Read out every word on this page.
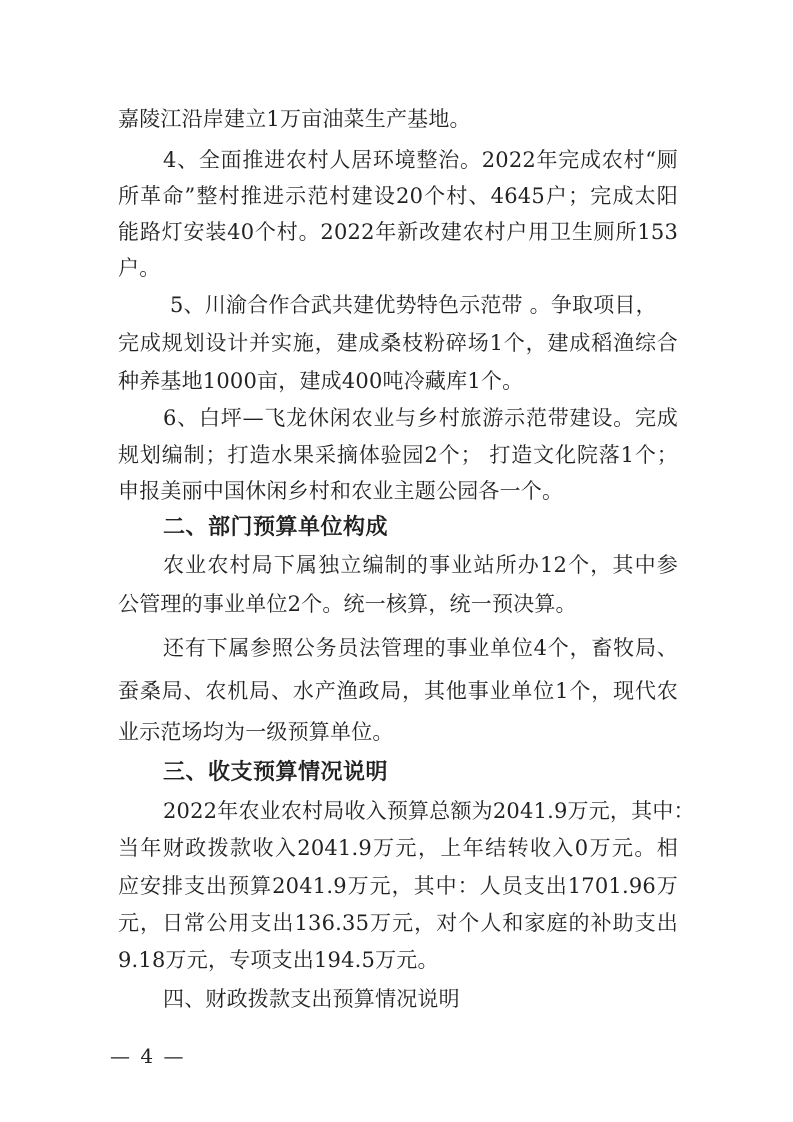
嘉陵江沿岸建立1万亩油菜生产基地。
4、全面推进农村人居环境整治。2022年完成农村“厕
所革命”整村推进示范村建设20个村、4645户；完成太阳
能路灯安装40个村。2022年新改建农村户用卫生厕所153
户。
5、川渝合作合武共建优势特色示范带 。争取项目，
完成规划设计并实施，建成桑枝粉碎场1个，建成稻渔综合
种养基地1000亩，建成400吨冷藏库1个。
6、白坪—飞龙休闲农业与乡村旅游示范带建设。完成
规划编制；打造水果采摘体验园2个； 打造文化院落1个；
申报美丽中国休闲乡村和农业主题公园各一个。
二、部门预算单位构成
农业农村局下属独立编制的事业站所办12个，其中参
公管理的事业单位2个。统一核算，统一预决算。
还有下属参照公务员法管理的事业单位4个，畜牧局、
蚕桑局、农机局、水产渔政局，其他事业单位1个，现代农
业示范场均为一级预算单位。
三、收支预算情况说明
2022年农业农村局收入预算总额为2041.9万元，其中：
当年财政拨款收入2041.9万元，上年结转收入0万元。相
应安排支出预算2041.9万元，其中：人员支出1701.96万
元，日常公用支出136.35万元，对个人和家庭的补助支出
9.18万元，专项支出194.5万元。
四、财政拨款支出预算情况说明
— 4 —
